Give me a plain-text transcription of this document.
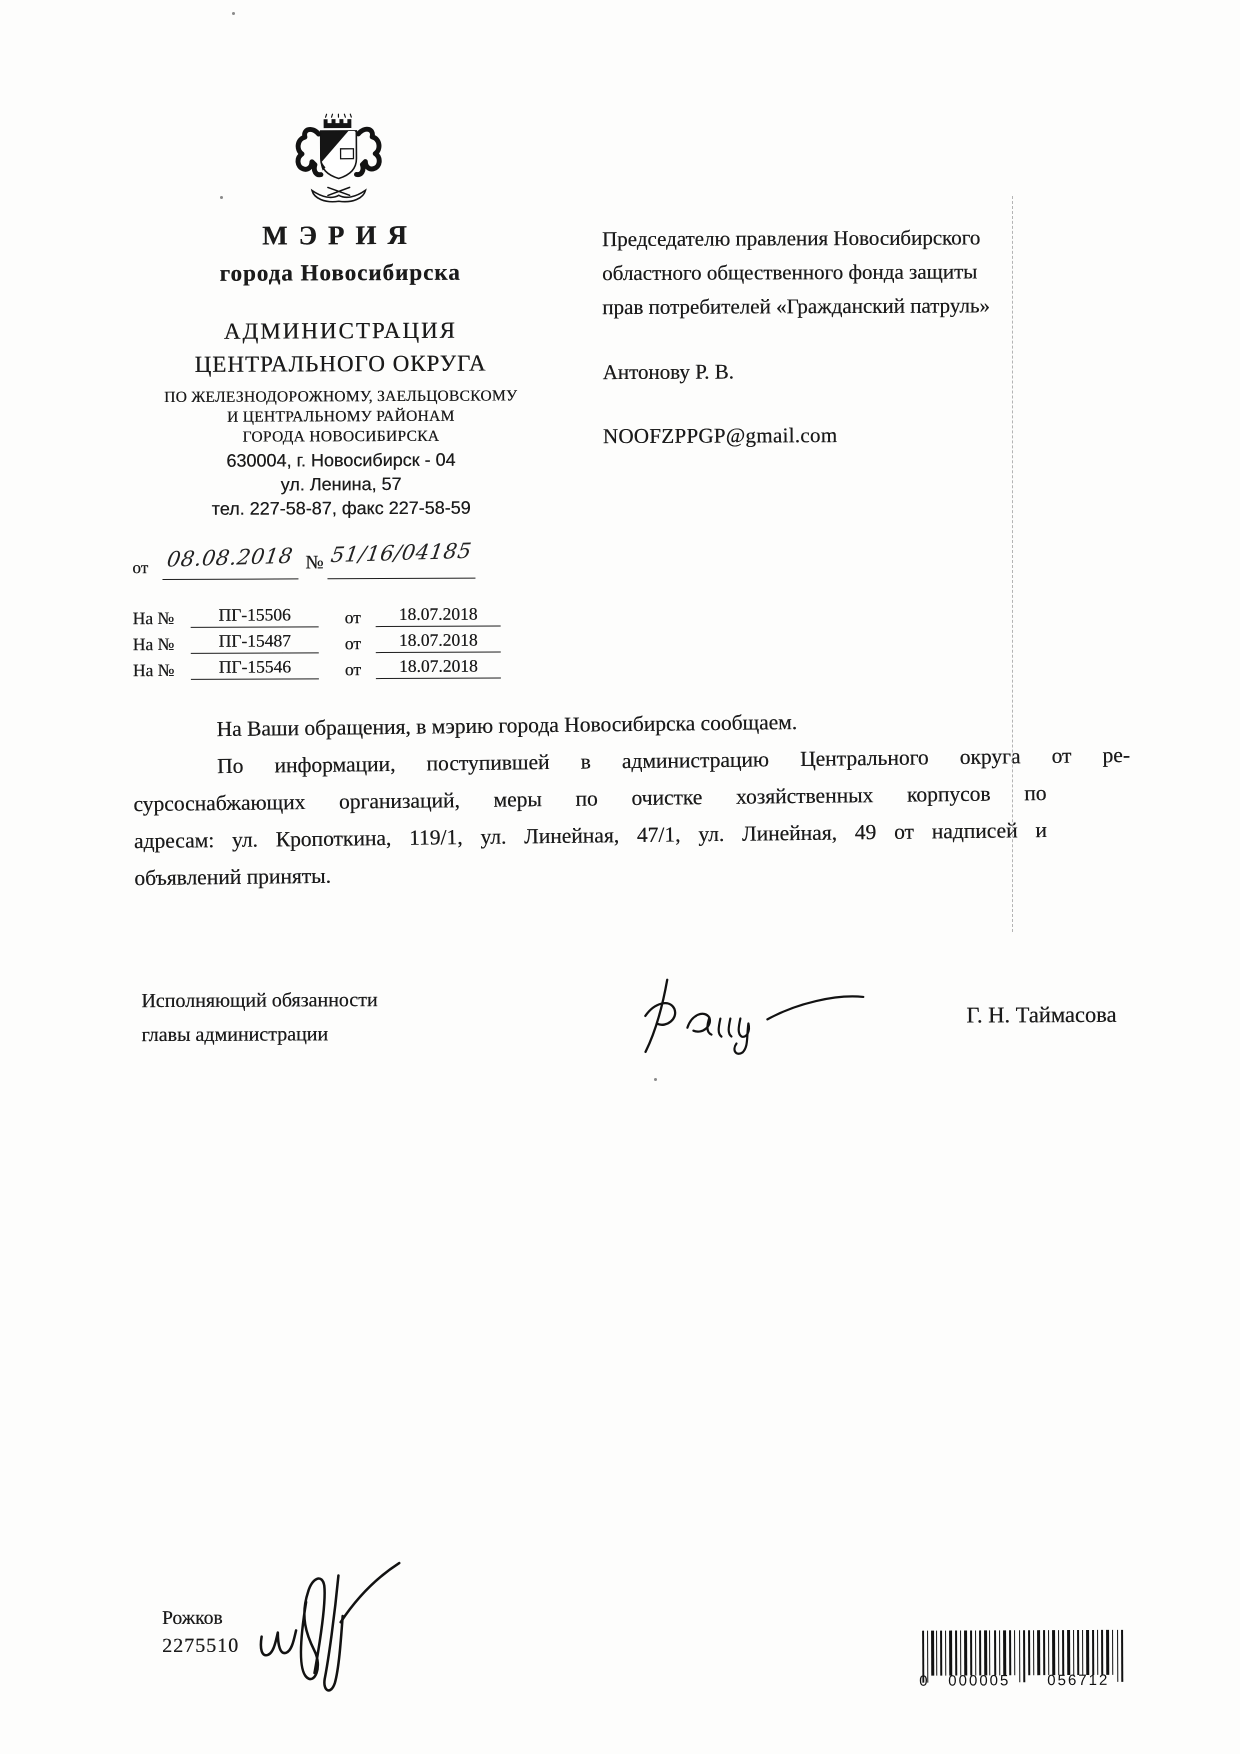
МЭРИЯ
города Новосибирска
АДМИНИСТРАЦИЯ
ЦЕНТРАЛЬНОГО ОКРУГА
ПО ЖЕЛЕЗНОДОРОЖНОМУ, ЗАЕЛЬЦОВСКОМУ
И ЦЕНТРАЛЬНОМУ РАЙОНАМ
ГОРОДА НОВОСИБИРСКА
630004, г. Новосибирск - 04
ул. Ленина, 57
тел. 227-58-87, факс 227-58-59
Председателю правления Новосибирского
областного общественного фонда защиты
прав потребителей «Гражданский патруль»
Антонову Р. В.
NOOFZPPGP@gmail.com
от 08.08.2018 № 51/16/04185
На №	ПГ-15506	от	18.07.2018
На №	ПГ-15487	от	18.07.2018
На №	ПГ-15546	от	18.07.2018
На Ваши обращения, в мэрию города Новосибирска сообщаем.
По информации, поступившей в администрацию Центрального округа от ре-
сурсоснабжающих организаций, меры по очистке хозяйственных корпусов по
адресам: ул. Кропоткина, 119/1, ул. Линейная, 47/1, ул. Линейная, 49 от надписей и
объявлений приняты.
Исполняющий обязанности
главы администрации
Г. Н. Таймасова
Рожков
2275510
0 000005 056712
